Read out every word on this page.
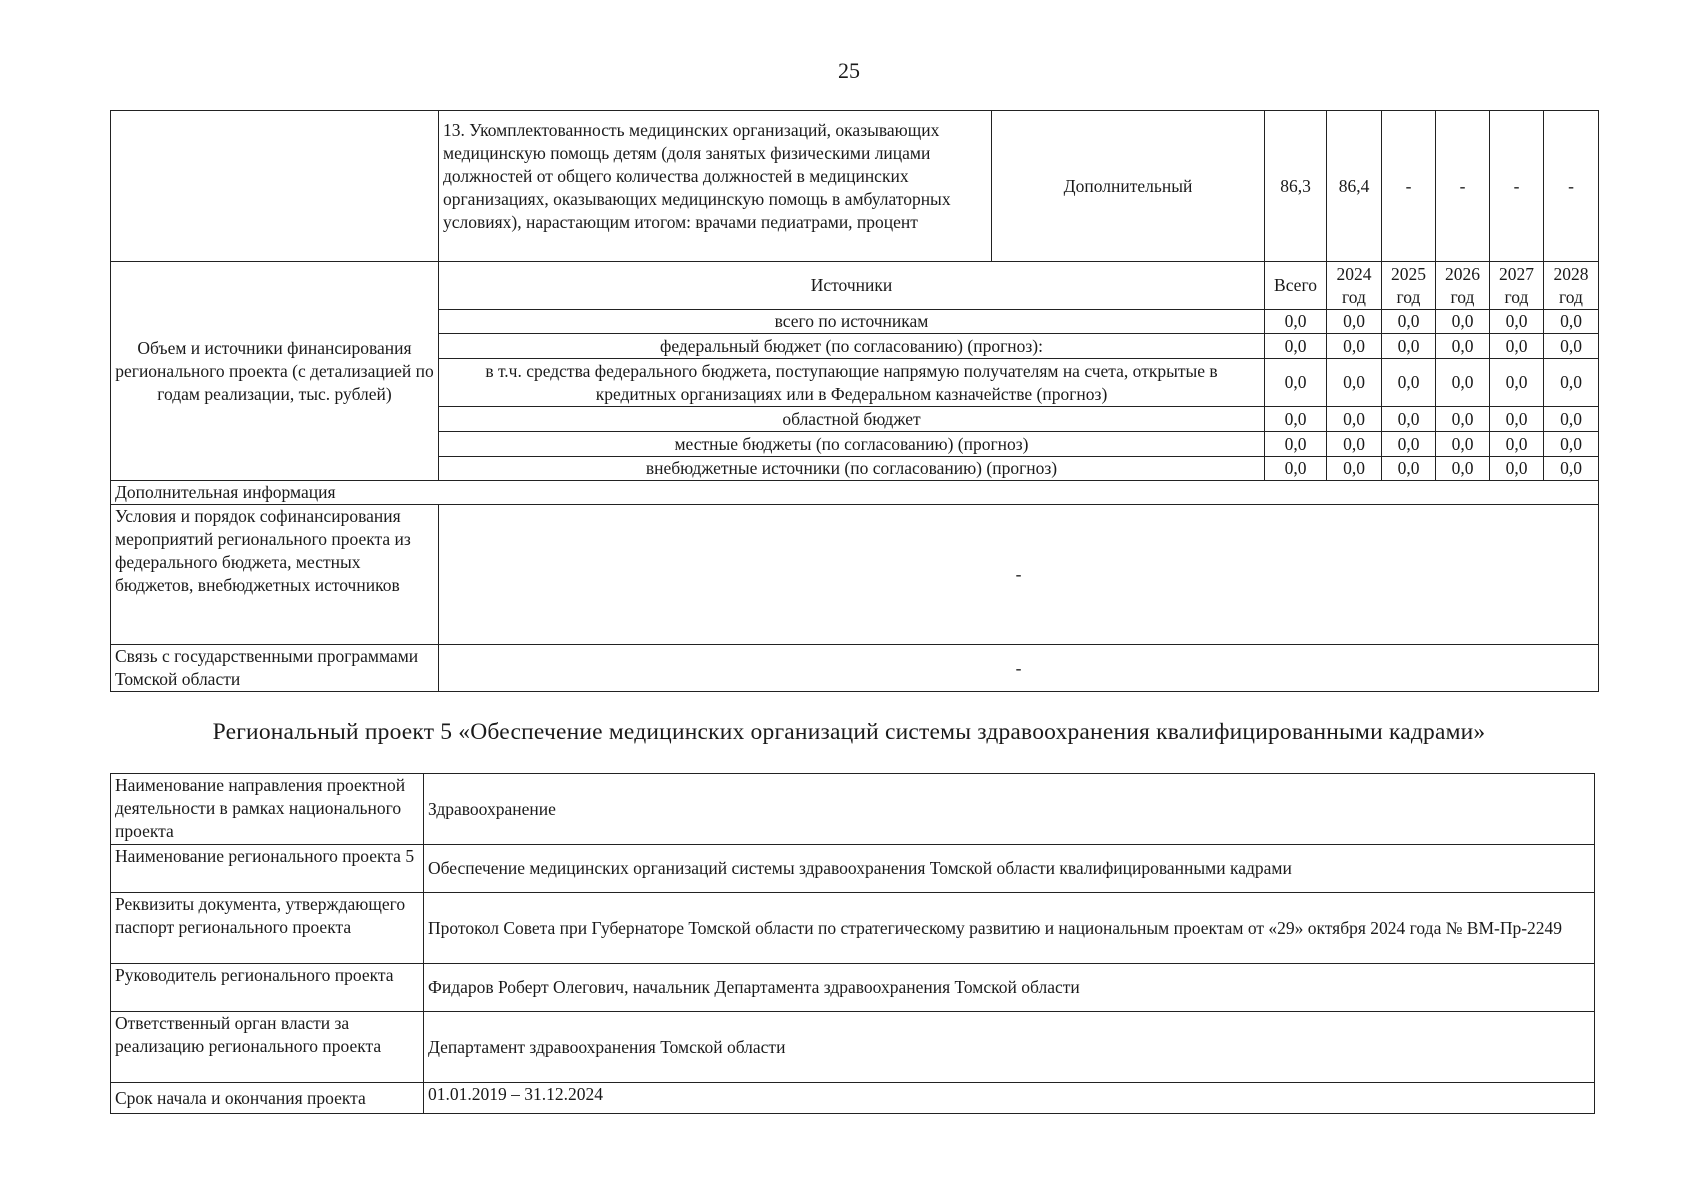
25
	13. Укомплектованность медицинских организаций, оказывающих медицинскую помощь детям (доля занятых физическими лицами должностей от общего количества должностей в медицинских организациях, оказывающих медицинскую помощь в амбулаторных условиях), нарастающим итогом: врачами педиатрами, процент	Дополнительный	86,3	86,4	-	-	-	-
Объем и источники финансирования регионального проекта (с детализацией по годам реализации, тыс. рублей)	Источники		Всего	2024 год	2025 год	2026 год	2027 год	2028 год
	всего по источникам		0,0	0,0	0,0	0,0	0,0	0,0
	федеральный бюджет (по согласованию) (прогноз):		0,0	0,0	0,0	0,0	0,0	0,0
	в т.ч. средства федерального бюджета, поступающие напрямую получателям на счета, открытые в кредитных организациях или в Федеральном казначействе (прогноз)		0,0	0,0	0,0	0,0	0,0	0,0
	областной бюджет		0,0	0,0	0,0	0,0	0,0	0,0
	местные бюджеты (по согласованию) (прогноз)		0,0	0,0	0,0	0,0	0,0	0,0
	внебюджетные источники (по согласованию) (прогноз)		0,0	0,0	0,0	0,0	0,0	0,0
Дополнительная информация								
Условия и порядок софинансирования мероприятий регионального проекта из федерального бюджета, местных бюджетов, внебюджетных источников	-							
Связь с государственными программами Томской области	-							
Региональный проект 5 «Обеспечение медицинских организаций системы здравоохранения квалифицированными кадрами»
Наименование направления проектной деятельности в рамках национального проекта	Здравоохранение
Наименование регионального проекта 5	Обеспечение медицинских организаций системы здравоохранения Томской области квалифицированными кадрами
Реквизиты документа, утверждающего паспорт регионального проекта	Протокол Совета при Губернаторе Томской области по стратегическому развитию и национальным проектам от «29» октября 2024 года № ВМ-Пр-2249
Руководитель регионального проекта	Фидаров Роберт Олегович, начальник Департамента здравоохранения Томской области
Ответственный орган власти за реализацию регионального проекта	Департамент здравоохранения Томской области
Срок начала и окончания проекта	01.01.2019 – 31.12.2024
